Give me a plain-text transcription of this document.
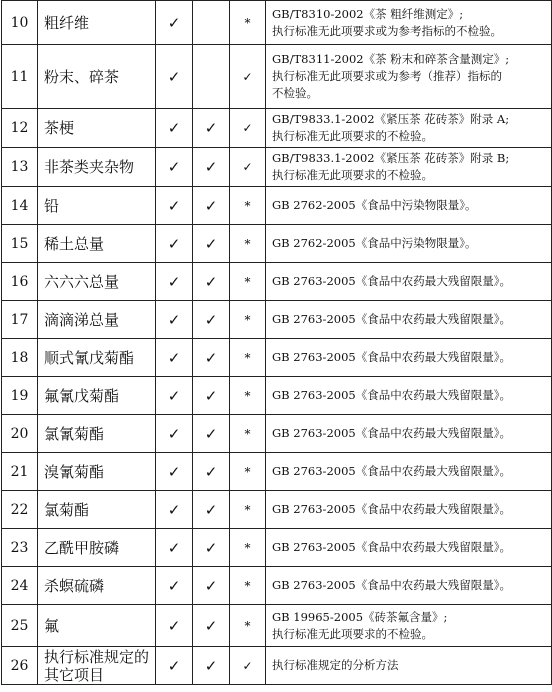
10	粗纤维	✓		*	GB/T8310-2002《茶 粗纤维测定》;
执行标准无此项要求或为参考指标的不检验。
11	粉末、碎茶	✓		✓	GB/T8311-2002《茶 粉末和碎茶含量测定》;
执行标准无此项要求或为参考（推荐）指标的
不检验。
12	茶梗	✓	✓	✓	GB/T9833.1-2002《紧压茶 花砖茶》附录 A;
执行标准无此项要求的不检验。
13	非茶类夹杂物	✓	✓	✓	GB/T9833.1-2002《紧压茶 花砖茶》附录 B;
执行标准无此项要求的不检验。
14	铅	✓	✓	*	GB 2762-2005《食品中污染物限量》。
15	稀土总量	✓	✓	*	GB 2762-2005《食品中污染物限量》。
16	六六六总量	✓	✓	*	GB 2763-2005《食品中农药最大残留限量》。
17	滴滴涕总量	✓	✓	*	GB 2763-2005《食品中农药最大残留限量》。
18	顺式氰戊菊酯	✓	✓	*	GB 2763-2005《食品中农药最大残留限量》。
19	氟氰戊菊酯	✓	✓	*	GB 2763-2005《食品中农药最大残留限量》。
20	氯氰菊酯	✓	✓	*	GB 2763-2005《食品中农药最大残留限量》。
21	溴氰菊酯	✓	✓	*	GB 2763-2005《食品中农药最大残留限量》。
22	氯菊酯	✓	✓	*	GB 2763-2005《食品中农药最大残留限量》。
23	乙酰甲胺磷	✓	✓	*	GB 2763-2005《食品中农药最大残留限量》。
24	杀螟硫磷	✓	✓	*	GB 2763-2005《食品中农药最大残留限量》。
25	氟	✓	✓	*	GB 19965-2005《砖茶氟含量》;
执行标准无此项要求的不检验。
26	执行标准规定的
其它项目	✓	✓	✓	执行标准规定的分析方法
